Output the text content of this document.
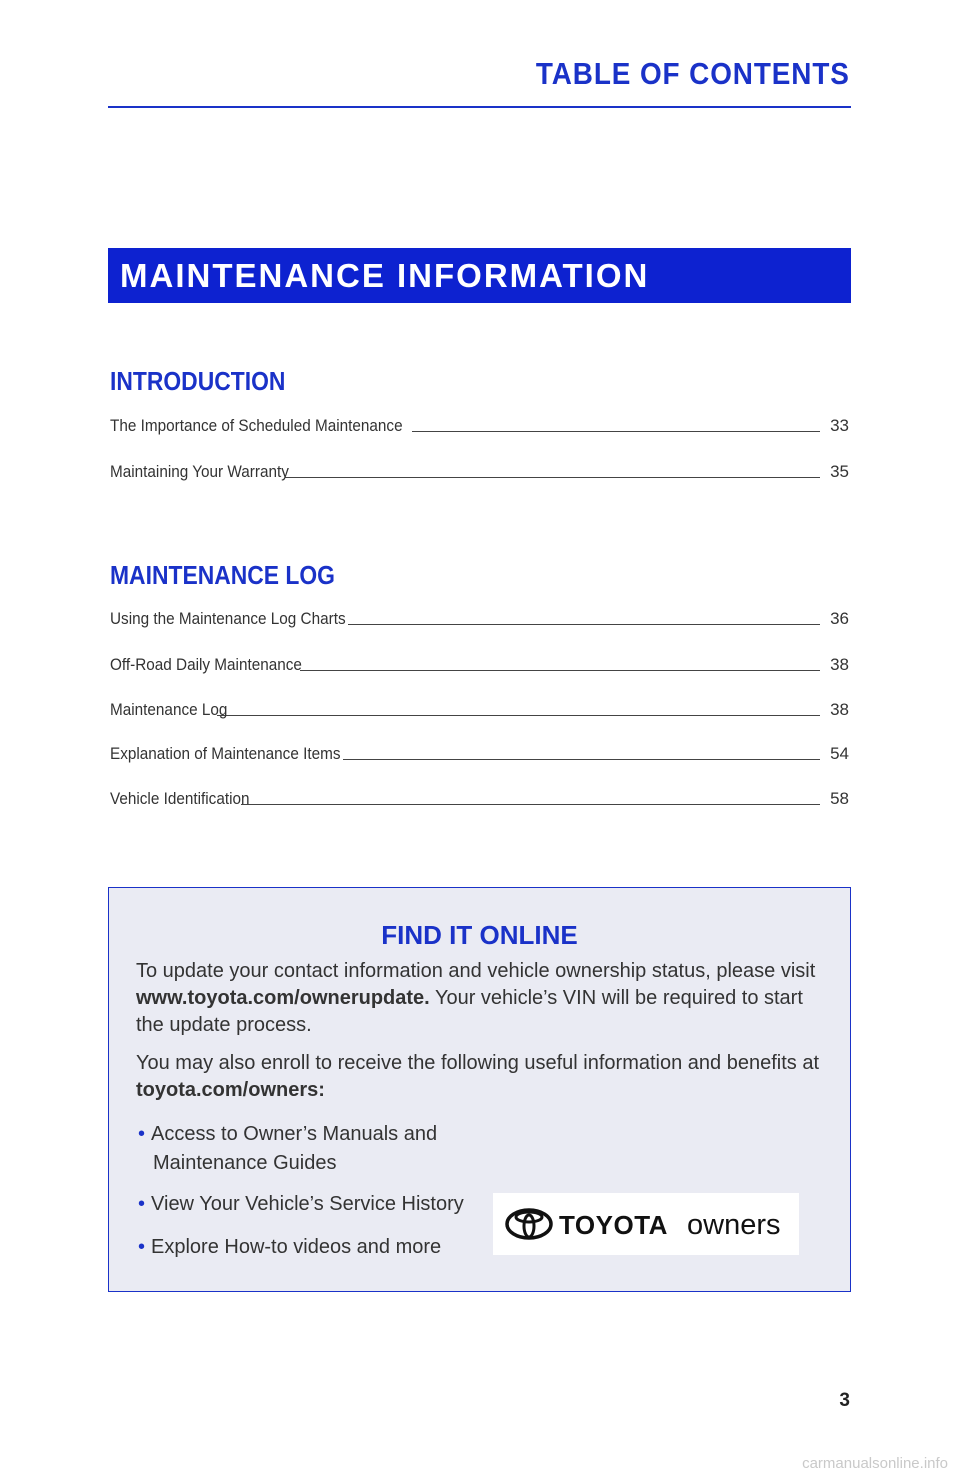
TABLE OF CONTENTS
MAINTENANCE INFORMATION
INTRODUCTION
The Importance of Scheduled Maintenance	33
Maintaining Your Warranty	35
MAINTENANCE LOG
Using the Maintenance Log Charts	36
Off-Road Daily Maintenance	38
Maintenance Log	38
Explanation of Maintenance Items	54
Vehicle Identification	58
FIND IT ONLINE
To update your contact information and vehicle ownership status, please visit
www.toyota.com/ownerupdate. Your vehicle’s VIN will be required to start
the update process.
You may also enroll to receive the following useful information and benefits at
toyota.com/owners:
• Access to Owner’s Manuals and
Maintenance Guides
• View Your Vehicle’s Service History
• Explore How-to videos and more
TOYOTA owners
3
carmanualsonline.info
